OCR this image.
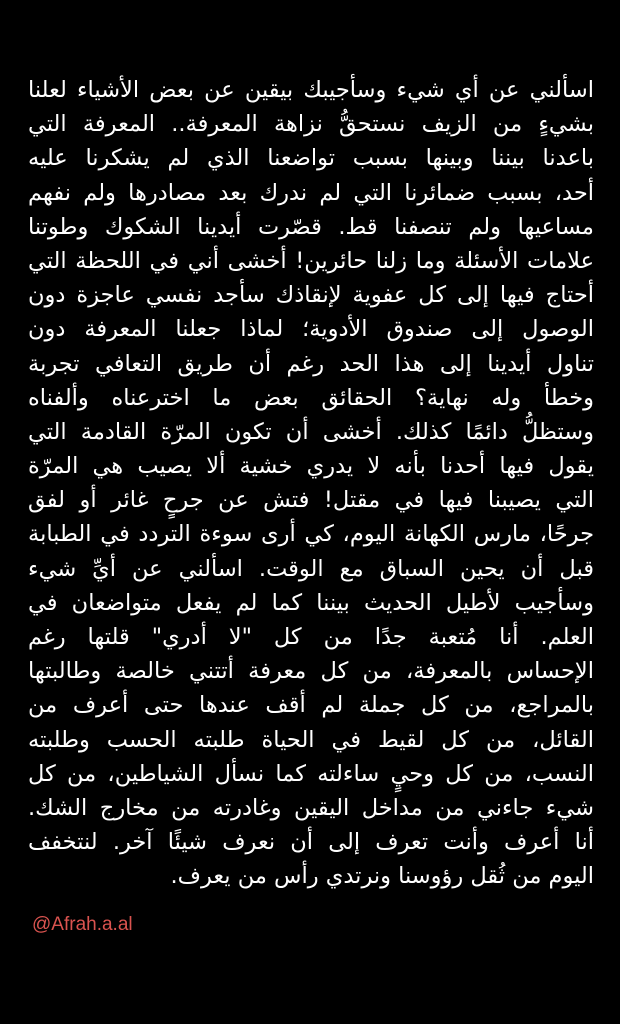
اسألني عن أي شيء وسأجيبك بيقين عن بعض الأشياء لعلنا
بشيءٍ من الزيف نستحقُّ نزاهة المعرفة.. المعرفة التي
باعدنا بيننا وبينها بسبب تواضعنا الذي لم يشكرنا عليه
أحد، بسبب ضمائرنا التي لم ندرك بعد مصادرها ولم نفهم
مساعيها ولم تنصفنا قط. قصّرت أيدينا الشكوك وطوتنا
علامات الأسئلة وما زلنا حائرين! أخشى أني في اللحظة التي
أحتاج فيها إلى كل عفوية لإنقاذك سأجد نفسي عاجزة دون
الوصول إلى صندوق الأدوية؛ لماذا جعلنا المعرفة دون
تناول أيدينا إلى هذا الحد رغم أن طريق التعافي تجربة
وخطأ وله نهاية؟ الحقائق بعض ما اخترعناه وألفناه
وستظلُّ دائمًا كذلك. أخشى أن تكون المرّة القادمة التي
يقول فيها أحدنا بأنه لا يدري خشية ألا يصيب هي المرّة
التي يصيبنا فيها في مقتل! فتش عن جرحٍ غائر أو لفق
جرحًا، مارس الكهانة اليوم، كي أرى سوءة التردد في الطبابة
قبل أن يحين السباق مع الوقت. اسألني عن أيِّ شيء
وسأجيب لأطيل الحديث بيننا كما لم يفعل متواضعان في
العلم. أنا مُتعبة جدًا من كل "لا أدري" قلتها رغم
الإحساس بالمعرفة، من كل معرفة أتتني خالصة وطالبتها
بالمراجع، من كل جملة لم أقف عندها حتى أعرف من
القائل، من كل لقيط في الحياة طلبته الحسب وطلبته
النسب، من كل وحيٍ ساءلته كما نسأل الشياطين، من كل
شيء جاءني من مداخل اليقين وغادرته من مخارج الشك.
أنا أعرف وأنت تعرف إلى أن نعرف شيئًا آخر. لنتخفف
اليوم من ثُقل رؤوسنا ونرتدي رأس من يعرف.
@Afrah.a.al
